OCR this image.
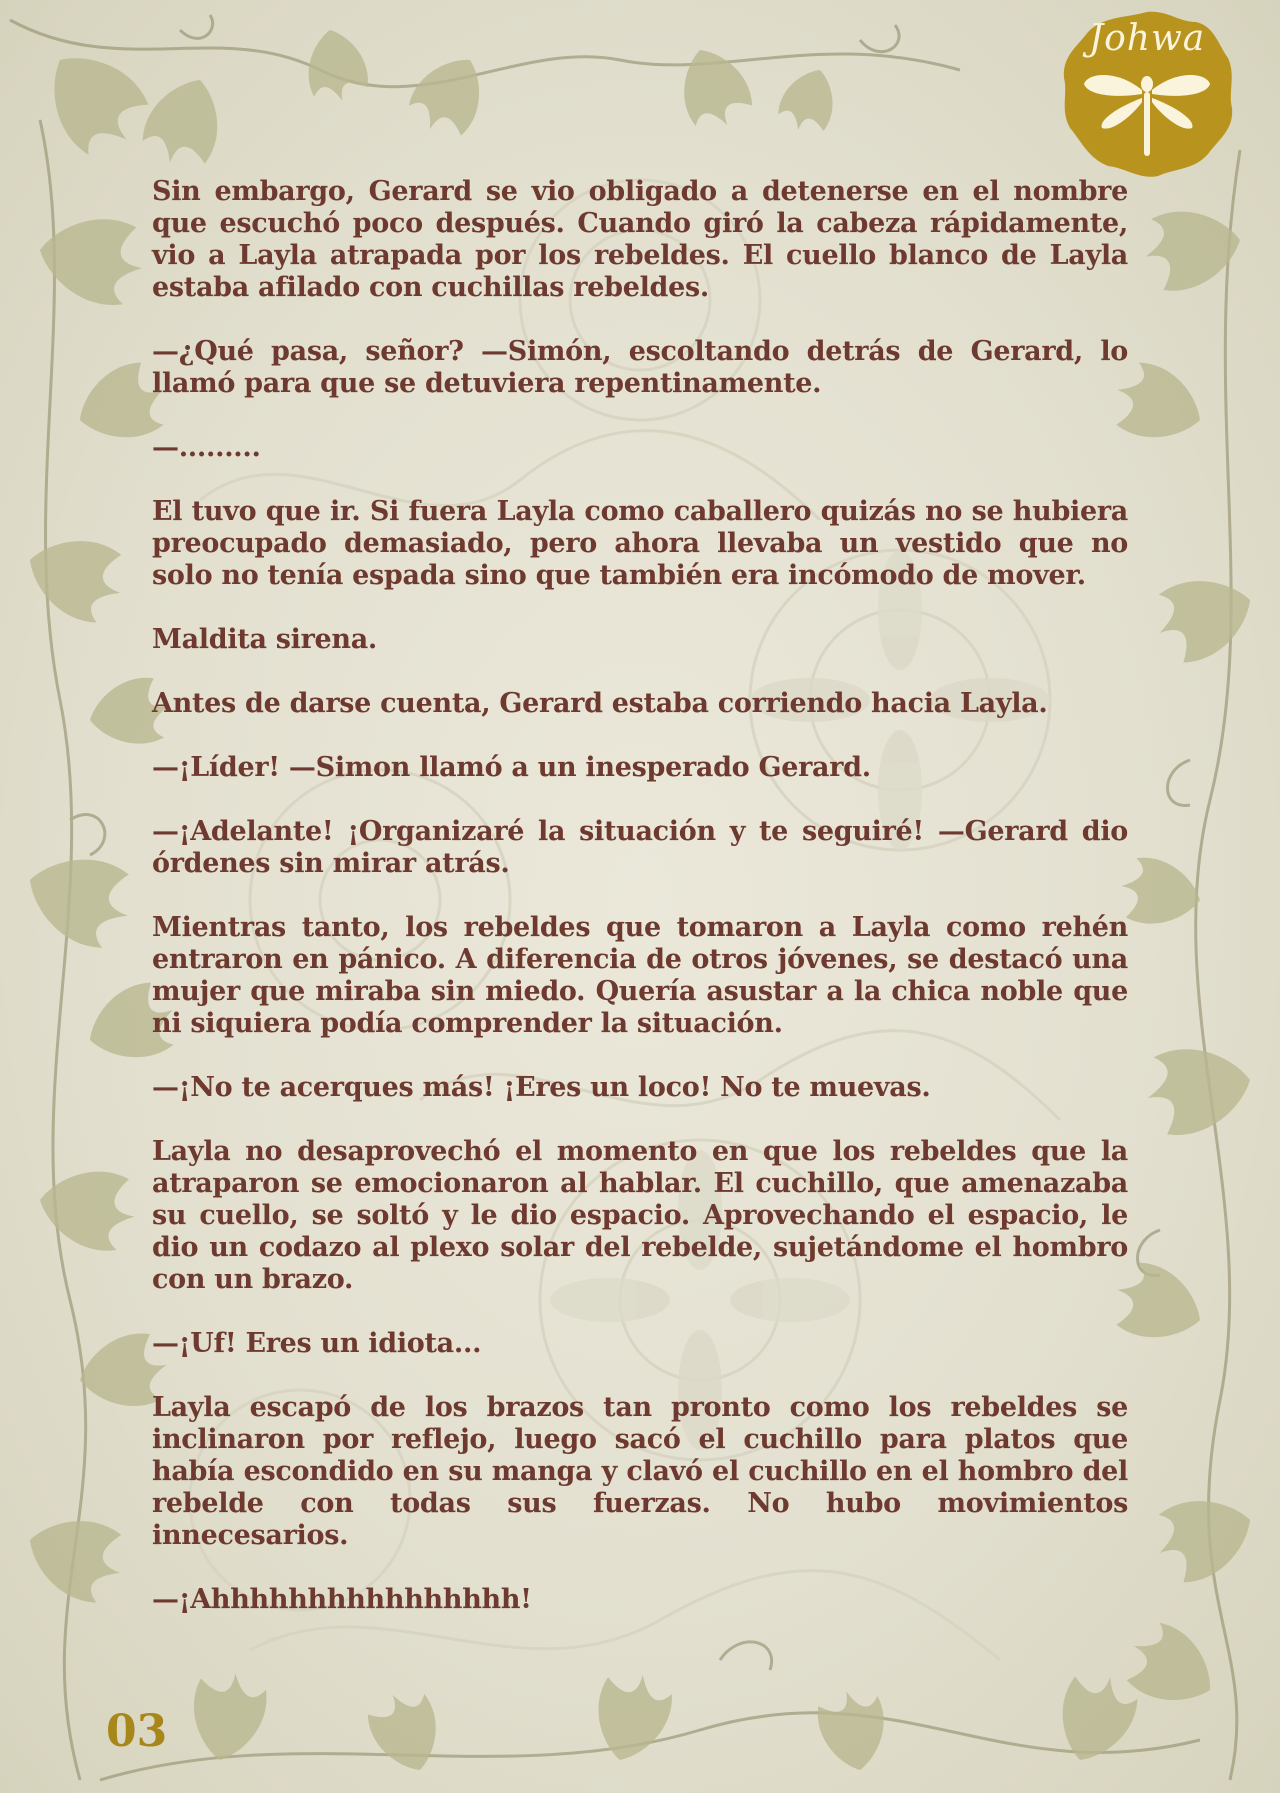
Johwa

Sin embargo, Gerard se vio obligado a detenerse en el nombre que escuchó poco después. Cuando giró la cabeza rápidamente, vio a Layla atrapada por los rebeldes. El cuello blanco de Layla estaba afilado con cuchillas rebeldes.

—¿Qué pasa, señor? —Simón, escoltando detrás de Gerard, lo llamó para que se detuviera repentinamente.

—.........

El tuvo que ir. Si fuera Layla como caballero quizás no se hubiera preocupado demasiado, pero ahora llevaba un vestido que no solo no tenía espada sino que también era incómodo de mover.

Maldita sirena.

Antes de darse cuenta, Gerard estaba corriendo hacia Layla.

—¡Líder! —Simon llamó a un inesperado Gerard.

—¡Adelante! ¡Organizaré la situación y te seguiré! —Gerard dio órdenes sin mirar atrás.

Mientras tanto, los rebeldes que tomaron a Layla como rehén entraron en pánico. A diferencia de otros jóvenes, se destacó una mujer que miraba sin miedo. Quería asustar a la chica noble que ni siquiera podía comprender la situación.

—¡No te acerques más! ¡Eres un loco! No te muevas.

Layla no desaprovechó el momento en que los rebeldes que la atraparon se emocionaron al hablar. El cuchillo, que amenazaba su cuello, se soltó y le dio espacio. Aprovechando el espacio, le dio un codazo al plexo solar del rebelde, sujetándome el hombro con un brazo.

—¡Uf! Eres un idiota...

Layla escapó de los brazos tan pronto como los rebeldes se inclinaron por reflejo, luego sacó el cuchillo para platos que había escondido en su manga y clavó el cuchillo en el hombro del rebelde con todas sus fuerzas. No hubo movimientos innecesarios.

—¡Ahhhhhhhhhhhhhhhh!

03
